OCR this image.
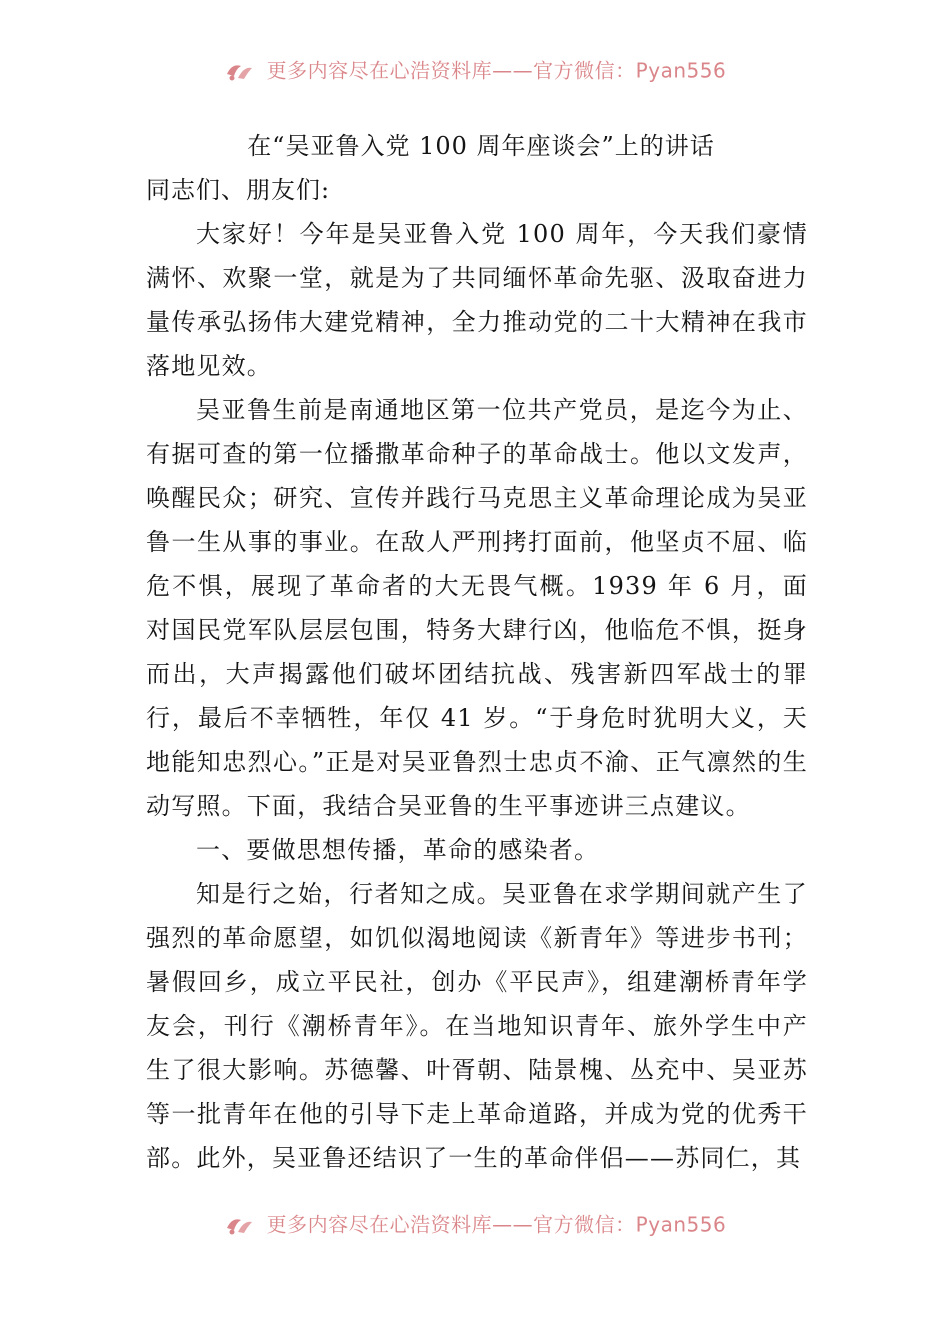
更多内容尽在心浩资料库——官方微信：Pyan556

在“吴亚鲁入党 100 周年座谈会”上的讲话

同志们、朋友们:

大家好！今年是吴亚鲁入党 100 周年，今天我们豪情满怀、欢聚一堂，就是为了共同缅怀革命先驱、汲取奋进力量传承弘扬伟大建党精神，全力推动党的二十大精神在我市落地见效。

吴亚鲁生前是南通地区第一位共产党员，是迄今为止、有据可查的第一位播撒革命种子的革命战士。他以文发声，唤醒民众；研究、宣传并践行马克思主义革命理论成为吴亚鲁一生从事的事业。在敌人严刑拷打面前，他坚贞不屈、临危不惧，展现了革命者的大无畏气概。1939 年 6 月，面对国民党军队层层包围，特务大肆行凶，他临危不惧，挺身而出，大声揭露他们破坏团结抗战、残害新四军战士的罪行，最后不幸牺牲，年仅 41 岁。“于身危时犹明大义，天地能知忠烈心。”正是对吴亚鲁烈士忠贞不渝、正气凛然的生动写照。下面，我结合吴亚鲁的生平事迹讲三点建议。

一、要做思想传播，革命的感染者。

知是行之始，行者知之成。吴亚鲁在求学期间就产生了强烈的革命愿望，如饥似渴地阅读《新青年》等进步书刊；暑假回乡，成立平民社，创办《平民声》，组建潮桥青年学友会，刊行《潮桥青年》。在当地知识青年、旅外学生中产生了很大影响。苏德馨、叶胥朝、陆景槐、丛充中、吴亚苏等一批青年在他的引导下走上革命道路，并成为党的优秀干部。此外，吴亚鲁还结识了一生的革命伴侣——苏同仁，其

更多内容尽在心浩资料库——官方微信：Pyan556
